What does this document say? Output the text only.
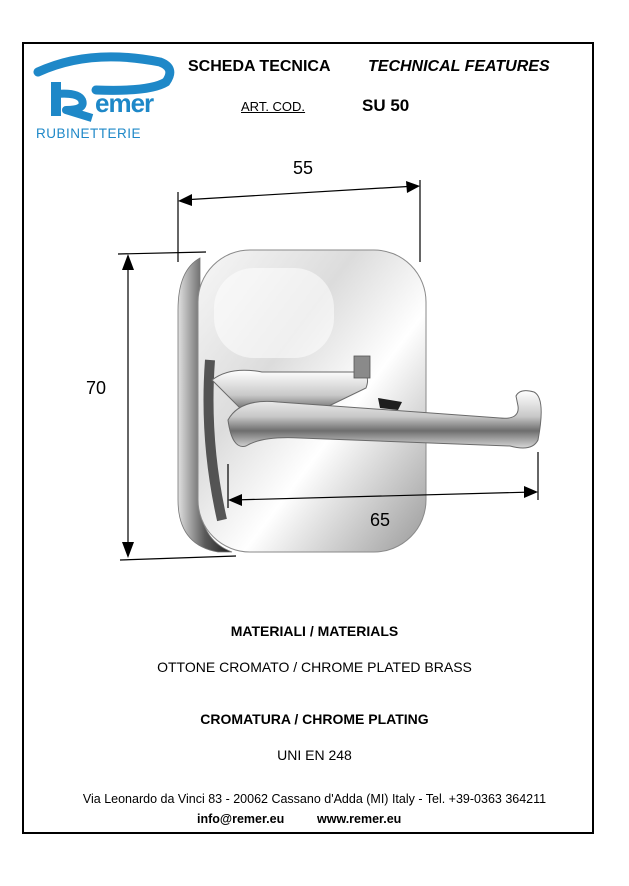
emer
RUBINETTERIE
SCHEDA TECNICA TECHNICAL FEATURES
ART. COD.	SU 50
55
70
65
MATERIALI / MATERIALS
OTTONE CROMATO / CHROME PLATED BRASS
CROMATURA / CHROME PLATING
UNI EN 248
Via Leonardo da Vinci 83 - 20062 Cassano d'Adda (MI) Italy - Tel. +39-0363 364211
info@remer.eu	www.remer.eu
